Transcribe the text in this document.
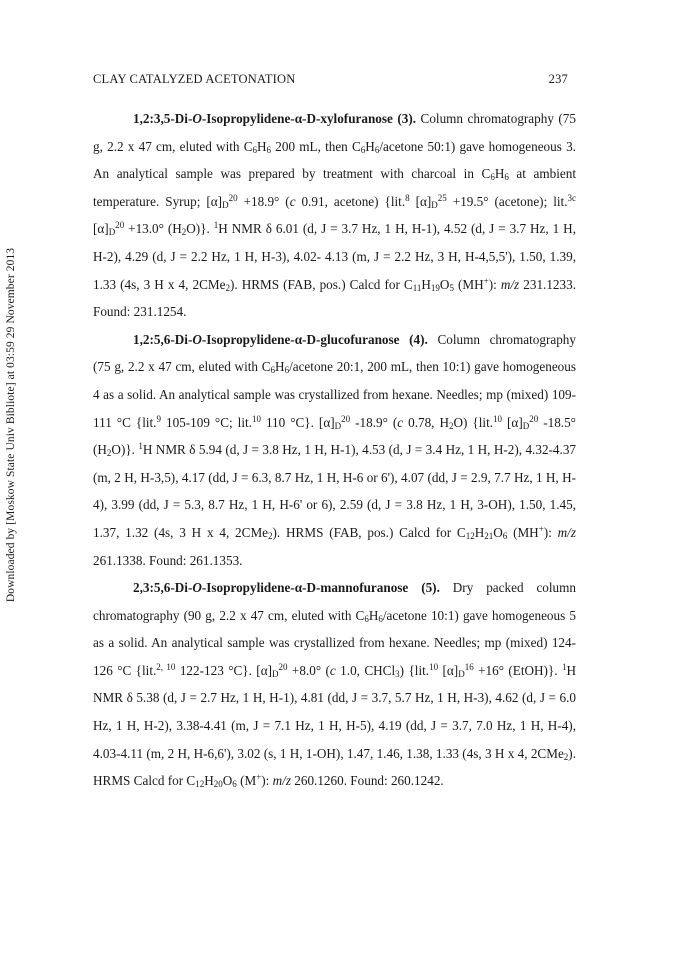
Downloaded by [Moskow State Univ Bibliote] at 03:59 29 November 2013
CLAY CATALYZED ACETONATION	237

1,2:3,5-Di-O-Isopropylidene-α-D-xylofuranose (3). Column chromatography (75 g, 2.2 x 47 cm, eluted with $C_6H_6$ 200 mL, then $C_6H_6$/acetone 50:1) gave homogeneous 3. An analytical sample was prepared by treatment with charcoal in $C_6H_6$ at ambient temperature. Syrup; $[\alpha]_D^{20} +18.9^\circ$ (c 0.91, acetone) {lit.$^8$ $[\alpha]_D^{25} +19.5^\circ$ (acetone); lit.$^{3c}$ $[\alpha]_D^{20} +13.0^\circ$ $(H_2O)$}. $^1$H NMR δ 6.01 (d, J = 3.7 Hz, 1 H, H-1), 4.52 (d, J = 3.7 Hz, 1 H, H-2), 4.29 (d, J = 2.2 Hz, 1 H, H-3), 4.02- 4.13 (m, J = 2.2 Hz, 3 H, H-4,5,5'), 1.50, 1.39, 1.33 (4s, 3 H x 4, 2CMe$_2$). HRMS (FAB, pos.) Calcd for $C_{11}H_{19}O_5$ (MH+): m/z 231.1233. Found: 231.1254.

1,2:5,6-Di-O-Isopropylidene-α-D-glucofuranose (4). Column chromatography (75 g, 2.2 x 47 cm, eluted with $C_6H_6$/acetone 20:1, 200 mL, then 10:1) gave homogeneous 4 as a solid. An analytical sample was crystallized from hexane. Needles; mp (mixed) 109-111 °C {lit.$^9$ 105-109 °C; lit.$^{10}$ 110 °C}. $[\alpha]_D^{20}$ -18.9° (c 0.78, $H_2O$) {lit.$^{10}$ $[\alpha]_D^{20}$ -18.5° $(H_2O)$}. $^1$H NMR δ 5.94 (d, J = 3.8 Hz, 1 H, H-1), 4.53 (d, J = 3.4 Hz, 1 H, H-2), 4.32-4.37 (m, 2 H, H-3,5), 4.17 (dd, J = 6.3, 8.7 Hz, 1 H, H-6 or 6'), 4.07 (dd, J = 2.9, 7.7 Hz, 1 H, H-4), 3.99 (dd, J = 5.3, 8.7 Hz, 1 H, H-6' or 6), 2.59 (d, J = 3.8 Hz, 1 H, 3-OH), 1.50, 1.45, 1.37, 1.32 (4s, 3 H x 4, 2CMe$_2$). HRMS (FAB, pos.) Calcd for $C_{12}H_{21}O_6$ (MH+): m/z 261.1338. Found: 261.1353.

2,3:5,6-Di-O-Isopropylidene-α-D-mannofuranose (5). Dry packed column chromatography (90 g, 2.2 x 47 cm, eluted with $C_6H_6$/acetone 10:1) gave homogeneous 5 as a solid. An analytical sample was crystallized from hexane. Needles; mp (mixed) 124-126 °C {lit.$^{2, 10}$ 122-123 °C}. $[\alpha]_D^{20} +8.0^\circ$ (c 1.0, CHCl$_3$) {lit.$^{10}$ $[\alpha]_D^{16} +16^\circ$ (EtOH)}. $^1$H NMR δ 5.38 (d, J = 2.7 Hz, 1 H, H-1), 4.81 (dd, J = 3.7, 5.7 Hz, 1 H, H-3), 4.62 (d, J = 6.0 Hz, 1 H, H-2), 3.38-4.41 (m, J = 7.1 Hz, 1 H, H-5), 4.19 (dd, J = 3.7, 7.0 Hz, 1 H, H-4), 4.03-4.11 (m, 2 H, H-6,6'), 3.02 (s, 1 H, 1-OH), 1.47, 1.46, 1.38, 1.33 (4s, 3 H x 4, 2CMe$_2$). HRMS Calcd for $C_{12}H_{20}O_6$ (M+): m/z 260.1260. Found: 260.1242.
